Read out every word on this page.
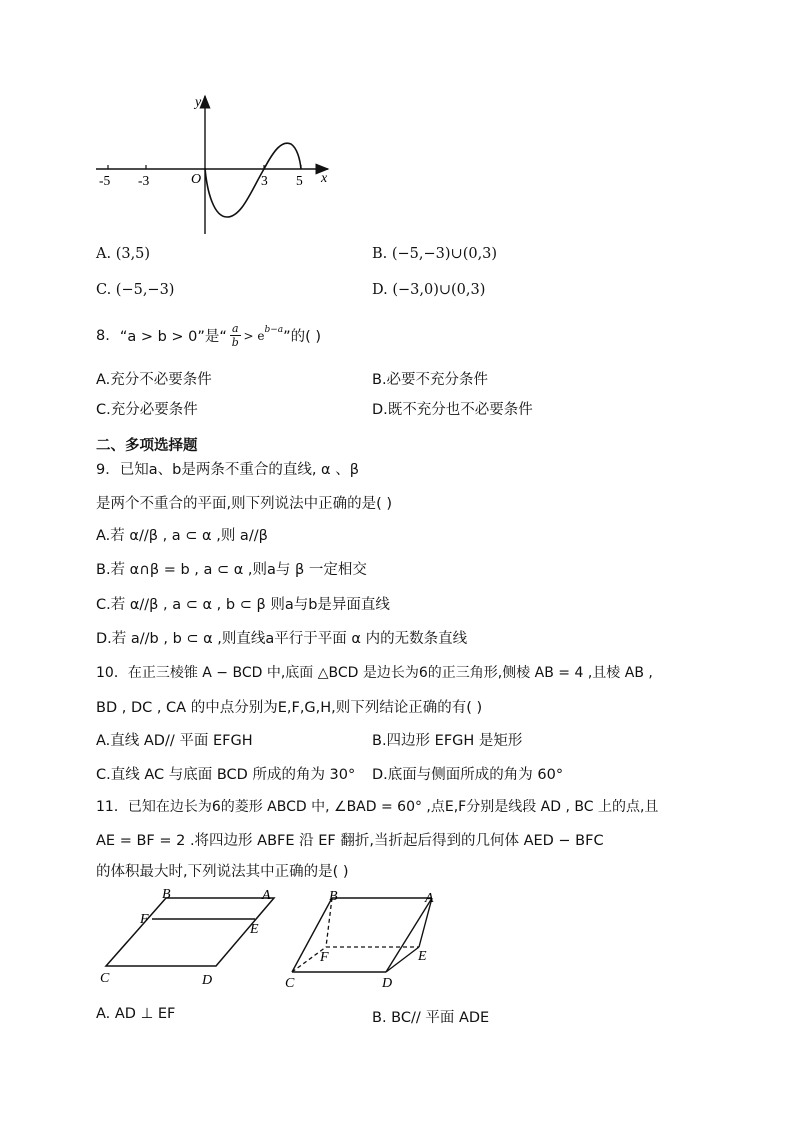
y
x
O
-5 -3	3 5
A. (3,5)	B. (−5,−3)∪(0,3)
C. (−5,−3)	D. (−3,0)∪(0,3)
8. “a > b > 0”是“ $\frac{a}{b} > e^{b-a}$ ”的( )
A.充分不必要条件	B.必要不充分条件
C.充分必要条件	D.既不充分也不必要条件
二、多项选择题
9．已知a、b是两条不重合的直线, α 、β
是两个不重合的平面,则下列说法中正确的是( )
A.若 α//β , a ⊂ α ,则 a//β
B.若 α∩β = b , a ⊂ α ,则a与 β 一定相交
C.若 α//β , a ⊂ α , b ⊂ β 则a与b是异面直线
D.若 a//b , b ⊂ α ,则直线a平行于平面 α 内的无数条直线
10．在正三棱锥 A − BCD 中,底面 △BCD 是边长为6的正三角形,侧棱 AB = 4 ,且棱 AB ,
BD , DC , CA 的中点分别为E,F,G,H,则下列结论正确的有( )
A.直线 AD// 平面 EFGH	B.四边形 EFGH 是矩形
C.直线 AC 与底面 BCD 所成的角为 30° D.底面与侧面所成的角为 60°
11．已知在边长为6的菱形 ABCD 中, ∠BAD = 60° ,点E,F分别是线段 AD , BC 上的点,且
AE = BF = 2 .将四边形 ABFE 沿 EF 翻折,当折起后得到的几何体 AED − BFC
的体积最大时,下列说法其中正确的是( )
B	A
F
E
C	D
B	A
F	E
C	D
A. AD ⊥ EF	B. BC// 平面 ADE
